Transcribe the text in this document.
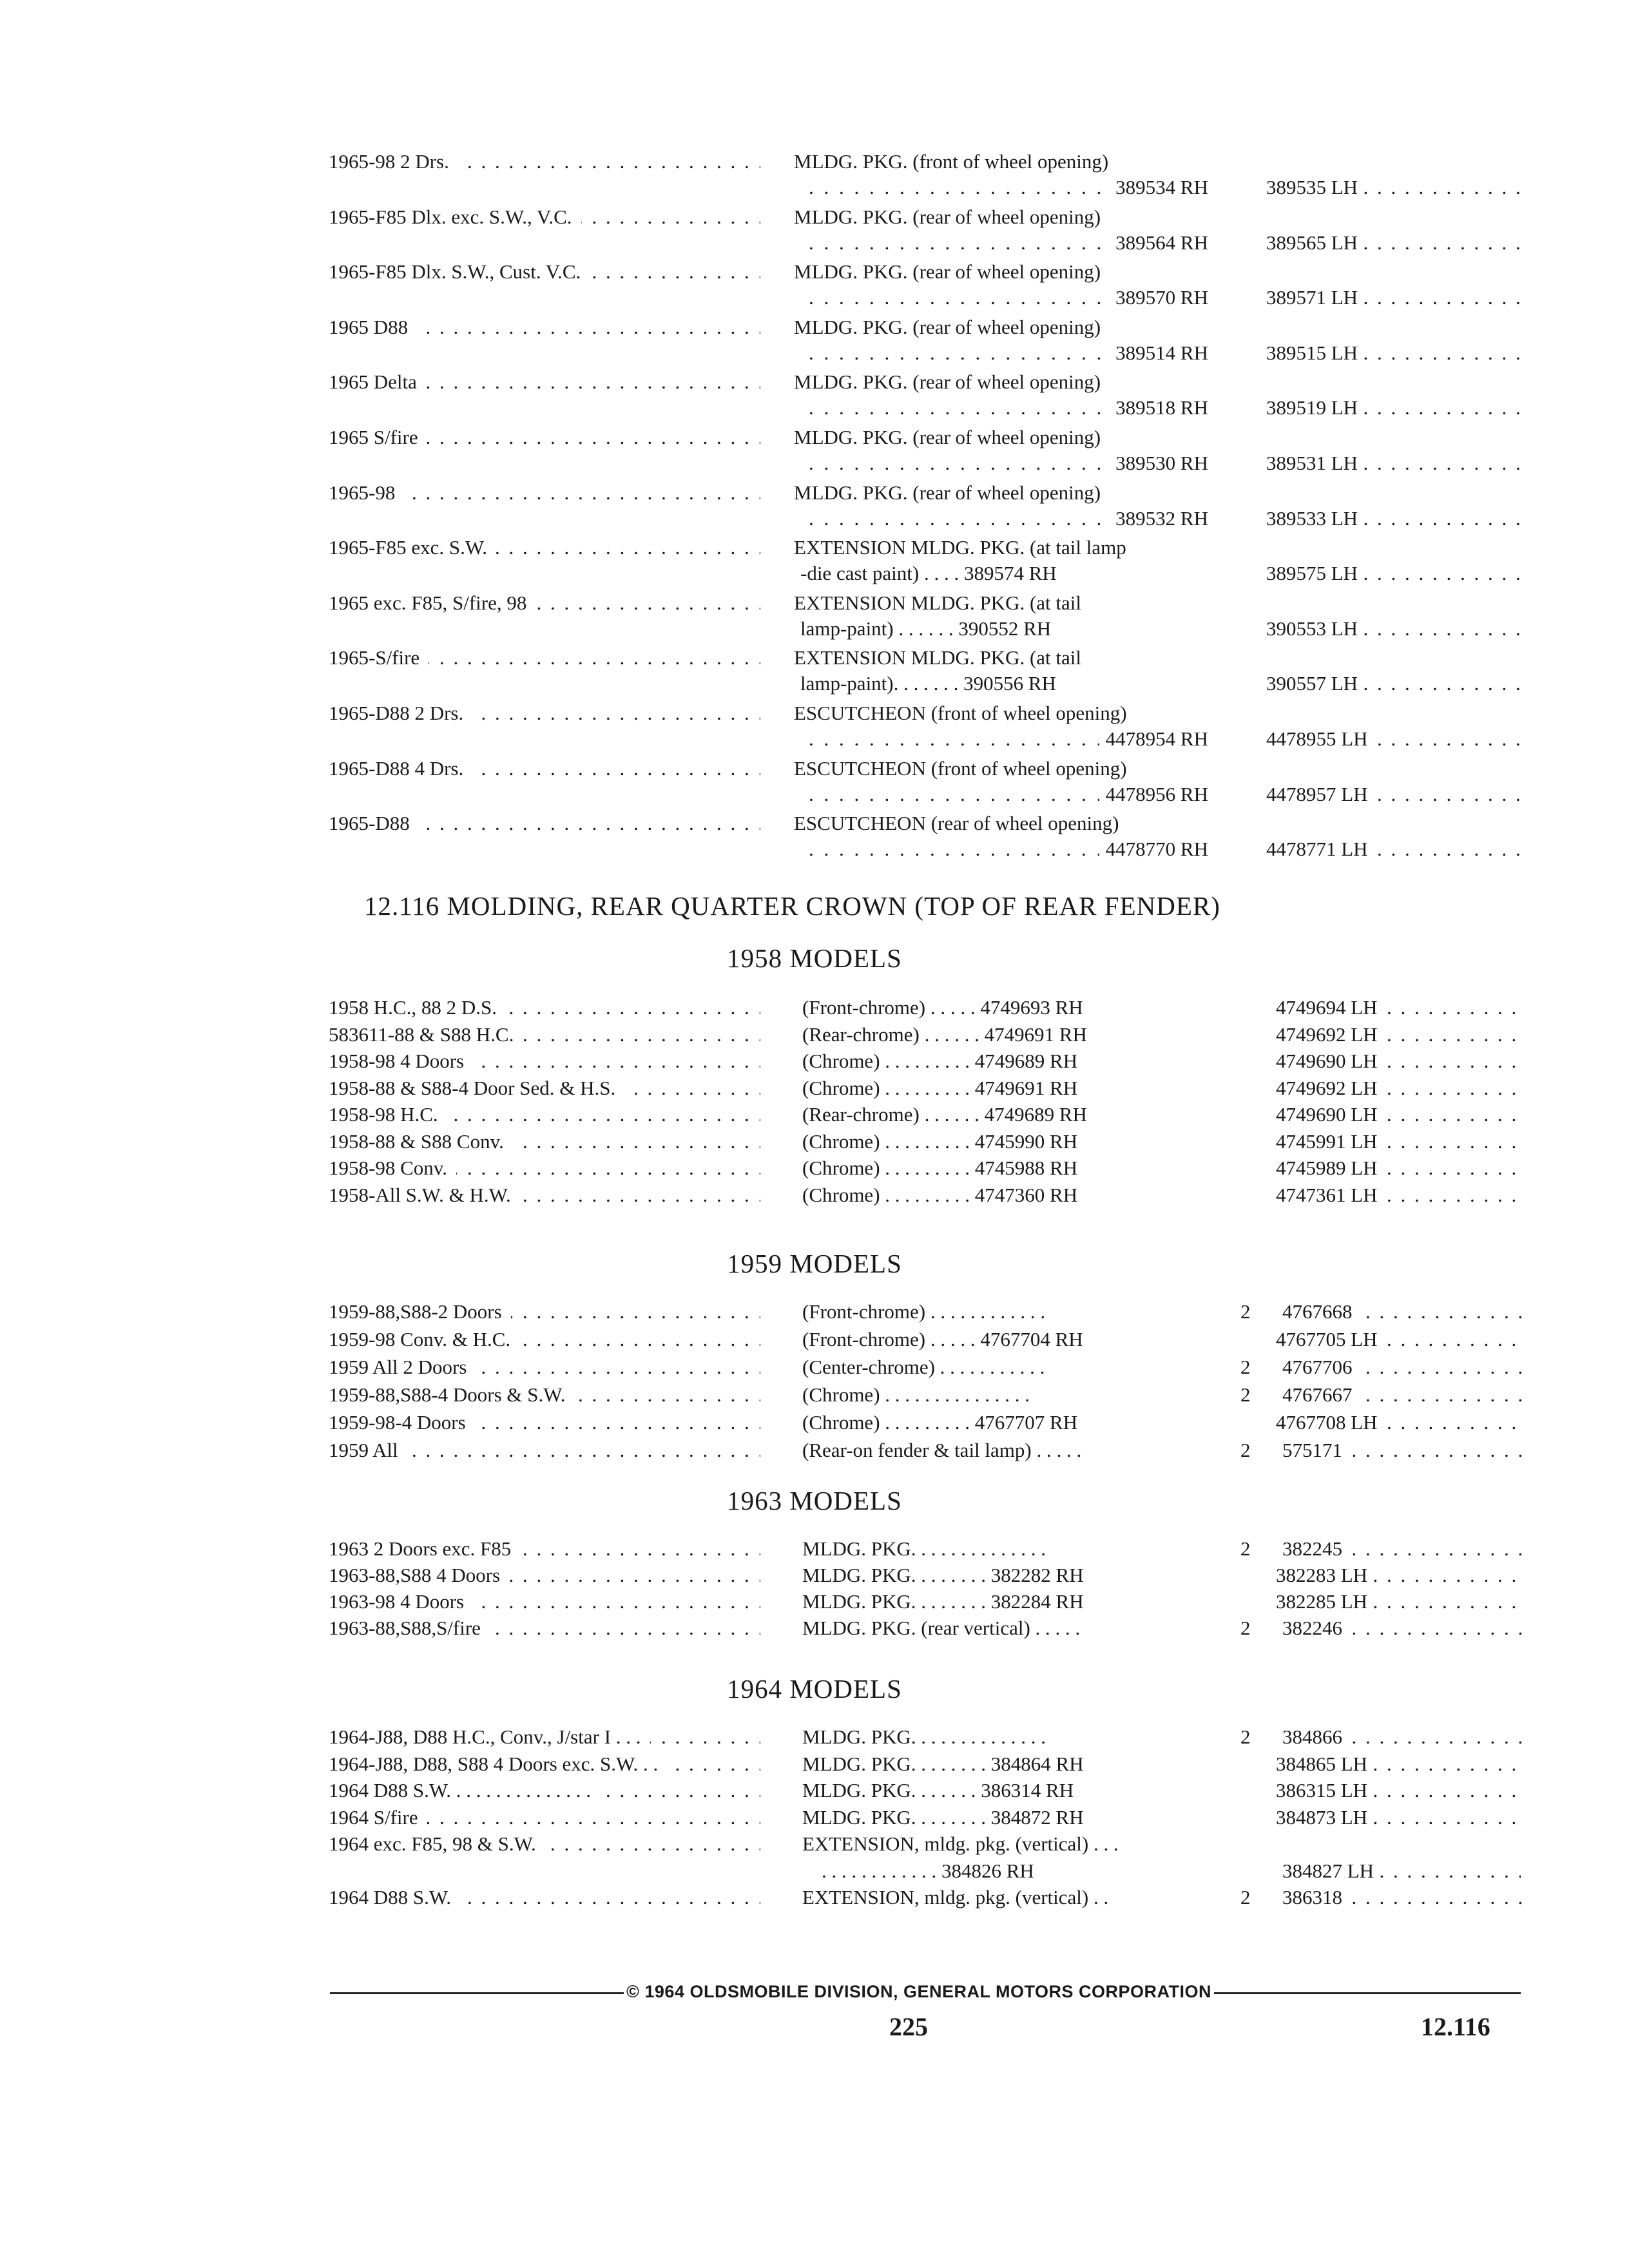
1965-98 2 Drs. . . .	MLDG. PKG. (front of wheel opening)
. . . 389534 RH	389535 LH . . .
1965-F85 Dlx. exc. S.W., V.C. . . .	MLDG. PKG. (rear of wheel opening)
. . . 389564 RH	389565 LH . . .
1965-F85 Dlx. S.W., Cust. V.C. . . .	MLDG. PKG. (rear of wheel opening)
. . . 389570 RH	389571 LH . . .
1965 D88 . . .	MLDG. PKG. (rear of wheel opening)
. . . 389514 RH	389515 LH . . .
1965 Delta . . .	MLDG. PKG. (rear of wheel opening)
. . . 389518 RH	389519 LH . . .
1965 S/fire . . .	MLDG. PKG. (rear of wheel opening)
. . . 389530 RH	389531 LH . . .
1965-98 . . .	MLDG. PKG. (rear of wheel opening)
. . . 389532 RH	389533 LH . . .
1965-F85 exc. S.W. . . .	EXTENSION MLDG. PKG. (at tail lamp
-die cast paint) . . . . 389574 RH	389575 LH . . .
1965 exc. F85, S/fire, 98 . . .	EXTENSION MLDG. PKG. (at tail
lamp-paint) . . . . . . 390552 RH	390553 LH . . .
1965-S/fire . . .	EXTENSION MLDG. PKG. (at tail
lamp-paint). . . . . . . 390556 RH	390557 LH . . .
1965-D88 2 Drs. . . .	ESCUTCHEON (front of wheel opening)
. . . 4478954 RH	4478955 LH . . .
1965-D88 4 Drs. . . .	ESCUTCHEON (front of wheel opening)
. . . 4478956 RH	4478957 LH . . .
1965-D88 . . .	ESCUTCHEON (rear of wheel opening)
. . . 4478770 RH	4478771 LH . . .
12.116 MOLDING, REAR QUARTER CROWN (TOP OF REAR FENDER)
1958 MODELS
1958 H.C., 88 2 D.S. . . .	(Front-chrome) . . . . . 4749693 RH	4749694 LH . . .
583611-88 & S88 H.C. . . .	(Rear-chrome) . . . . . . 4749691 RH	4749692 LH . . .
1958-98 4 Doors . . .	(Chrome) . . . . . . . . . 4749689 RH	4749690 LH . . .
1958-88 & S88-4 Door Sed. & H.S. . . .	(Chrome) . . . . . . . . . 4749691 RH	4749692 LH . . .
1958-98 H.C. . . .	(Rear-chrome) . . . . . . 4749689 RH	4749690 LH . . .
1958-88 & S88 Conv. . . .	(Chrome) . . . . . . . . . 4745990 RH	4745991 LH . . .
1958-98 Conv. . . .	(Chrome) . . . . . . . . . 4745988 RH	4745989 LH . . .
1958-All S.W. & H.W. . . .	(Chrome) . . . . . . . . . 4747360 RH	4747361 LH . . .
1959 MODELS
1959-88,S88-2 Doors . . .	(Front-chrome) . . . . . . . . . . . .	2 4767668 . . .
1959-98 Conv. & H.C. . . .	(Front-chrome) . . . . . 4767704 RH	4767705 LH . . .
1959 All 2 Doors . . .	(Center-chrome) . . . . . . . . . . .	2 4767706 . . .
1959-88,S88-4 Doors & S.W. . . .	(Chrome) . . . . . . . . . . . . . . .	2 4767667 . . .
1959-98-4 Doors . . .	(Chrome) . . . . . . . . . 4767707 RH	4767708 LH . . .
1959 All . . .	(Rear-on fender & tail lamp) . . . . .	2 575171 . . .
1963 MODELS
1963 2 Doors exc. F85 . . .	MLDG. PKG. . . . . . . . . . . . . .	2 382245 . . .
1963-88,S88 4 Doors . . .	MLDG. PKG. . . . . . . . 382282 RH	382283 LH . . .
1963-98 4 Doors . . .	MLDG. PKG. . . . . . . . 382284 RH	382285 LH . . .
1963-88,S88,S/fire . . .	MLDG. PKG. (rear vertical) . . . . .	2 382246 . . .
1964 MODELS
1964-J88, D88 H.C., Conv., J/star I . . . . . .	MLDG. PKG. . . . . . . . . . . . . .	2 384866 . . .
1964-J88, D88, S88 4 Doors exc. S.W. . . . . .	MLDG. PKG. . . . . . . . 384864 RH	384865 LH . . .
1964 D88 S.W. . . . . . . . . . . . . . . . . .	MLDG. PKG. . . . . . . 386314 RH	386315 LH . . .
1964 S/fire . . .	MLDG. PKG. . . . . . . . 384872 RH	384873 LH . . .
1964 exc. F85, 98 & S.W. . . .	EXTENSION, mldg. pkg. (vertical) . . .
. . . . . . . . . . . . 384826 RH	384827 LH . . .
1964 D88 S.W. . . .	EXTENSION, mldg. pkg. (vertical) . .	2 386318 . . .
© 1964 OLDSMOBILE DIVISION, GENERAL MOTORS CORPORATION
225	12.116
